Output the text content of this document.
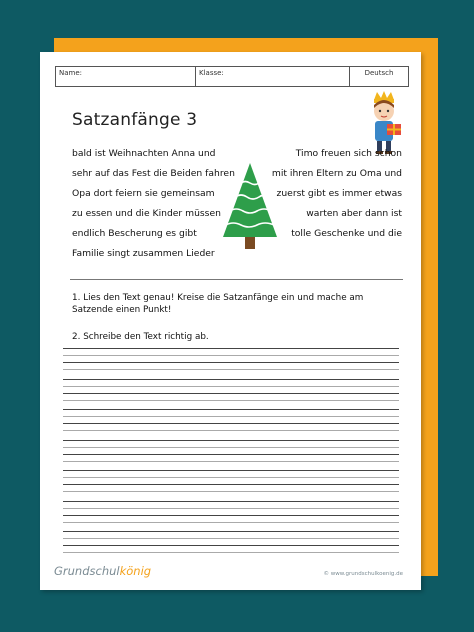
Name:	Klasse:	Deutsch
Satzanfänge 3
bald ist Weihnachten Anna und	Timo freuen sich schon
sehr auf das Fest die Beiden fahren	mit ihren Eltern zu Oma und
Opa dort feiern sie gemeinsam	zuerst gibt es immer etwas
zu essen und die Kinder müssen	warten aber dann ist
endlich Bescherung es gibt	tolle Geschenke und die
Familie singt zusammen Lieder
1. Lies den Text genau! Kreise die Satzanfänge ein und mache am Satzende einen Punkt!
2. Schreibe den Text richtig ab.
Grundschulkönig	© www.grundschulkoenig.de
